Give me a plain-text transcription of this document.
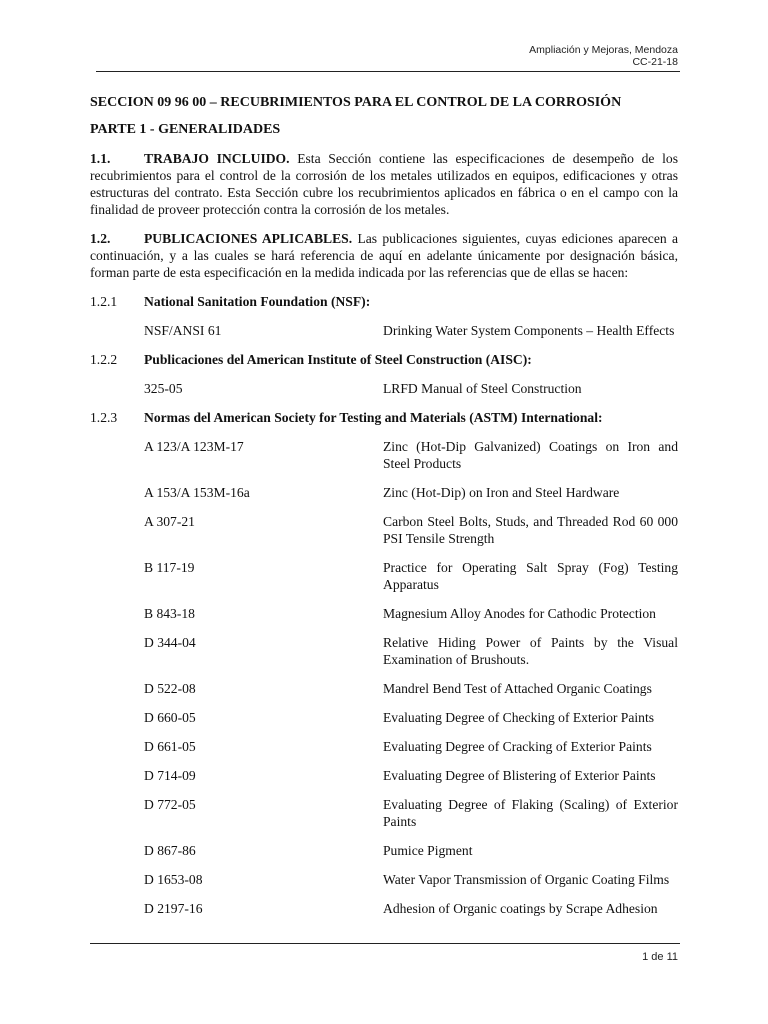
Ampliación y Mejoras, Mendoza
CC-21-18
SECCION 09 96 00 – RECUBRIMIENTOS PARA EL CONTROL DE LA CORROSIÓN
PARTE 1 - GENERALIDADES
1.1. TRABAJO INCLUIDO. Esta Sección contiene las especificaciones de desempeño de los recubrimientos para el control de la corrosión de los metales utilizados en equipos, edificaciones y otras estructuras del contrato. Esta Sección cubre los recubrimientos aplicados en fábrica o en el campo con la finalidad de proveer protección contra la corrosión de los metales.
1.2. PUBLICACIONES APLICABLES. Las publicaciones siguientes, cuyas ediciones aparecen a continuación, y a las cuales se hará referencia de aquí en adelante únicamente por designación básica, forman parte de esta especificación en la medida indicada por las referencias que de ellas se hacen:
1.2.1	National Sanitation Foundation (NSF):
NSF/ANSI 61	Drinking Water System Components – Health Effects
1.2.2	Publicaciones del American Institute of Steel Construction (AISC):
325-05	LRFD Manual of Steel Construction
1.2.3	Normas del American Society for Testing and Materials (ASTM) International:
A 123/A 123M-17	Zinc (Hot-Dip Galvanized) Coatings on Iron and Steel Products
A 153/A 153M-16a	Zinc (Hot-Dip) on Iron and Steel Hardware
A 307-21	Carbon Steel Bolts, Studs, and Threaded Rod 60 000 PSI Tensile Strength
B 117-19	Practice for Operating Salt Spray (Fog) Testing Apparatus
B 843-18	Magnesium Alloy Anodes for Cathodic Protection
D 344-04	Relative Hiding Power of Paints by the Visual Examination of Brushouts.
D 522-08	Mandrel Bend Test of Attached Organic Coatings
D 660-05	Evaluating Degree of Checking of Exterior Paints
D 661-05	Evaluating Degree of Cracking of Exterior Paints
D 714-09	Evaluating Degree of Blistering of Exterior Paints
D 772-05	Evaluating Degree of Flaking (Scaling) of Exterior Paints
D 867-86	Pumice Pigment
D 1653-08	Water Vapor Transmission of Organic Coating Films
D 2197-16	Adhesion of Organic coatings by Scrape Adhesion
1 de 11
